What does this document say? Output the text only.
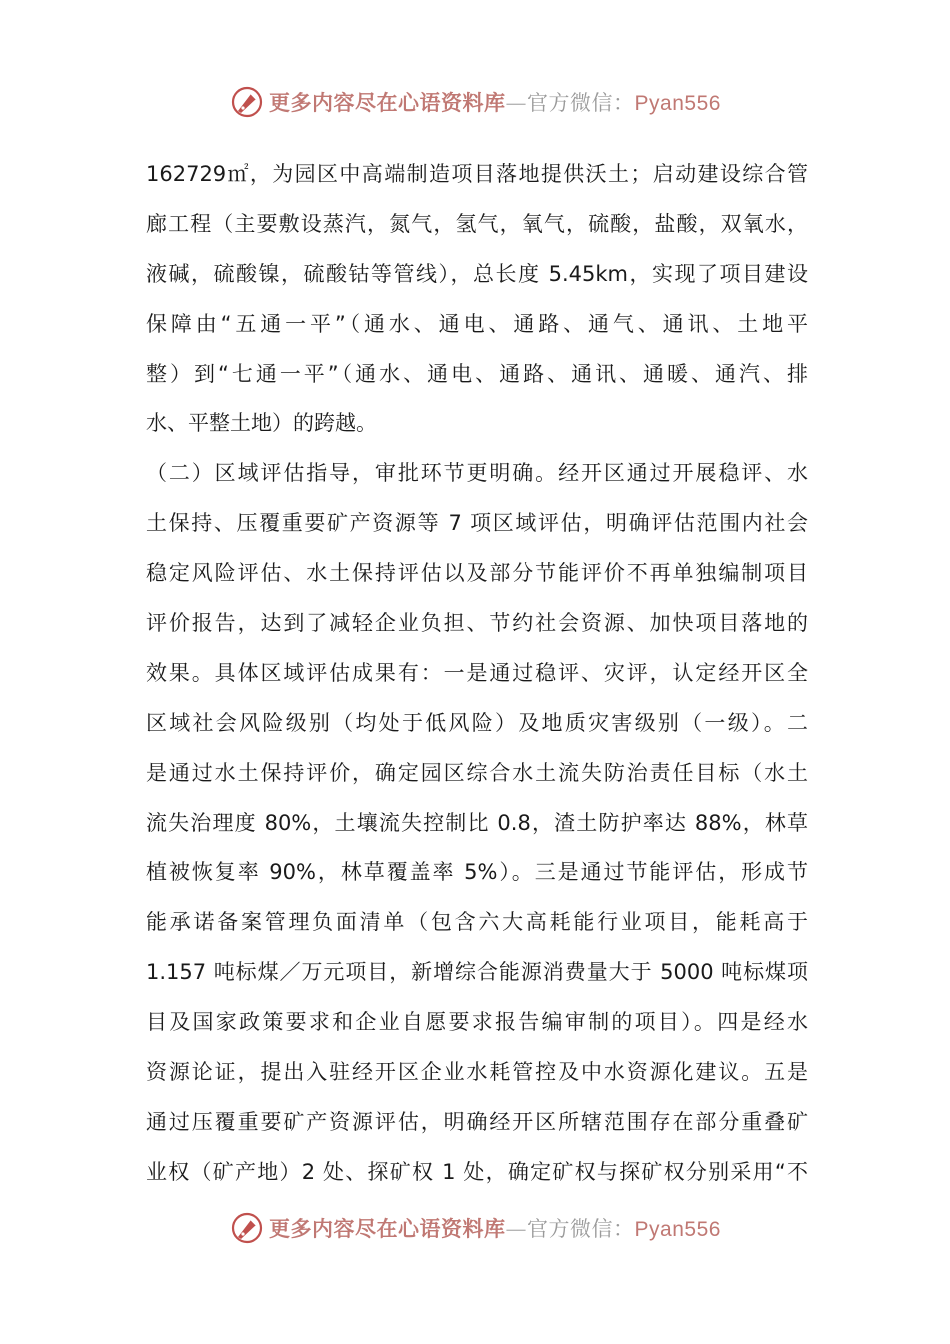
更多内容尽在心语资料库—官方微信：Pyan556
162729㎡，为园区中高端制造项目落地提供沃土；启动建设综合管
廊工程（主要敷设蒸汽，氮气，氢气，氧气，硫酸，盐酸，双氧水，
液碱，硫酸镍，硫酸钴等管线），总长度 5.45km，实现了项目建设
保障由“五通一平”（通水、通电、通路、通气、通讯、土地平
整）到“七通一平”（通水、通电、通路、通讯、通暖、通汽、排
水、平整土地）的跨越。
（二）区域评估指导，审批环节更明确。经开区通过开展稳评、水
土保持、压覆重要矿产资源等 7 项区域评估，明确评估范围内社会
稳定风险评估、水土保持评估以及部分节能评价不再单独编制项目
评价报告，达到了减轻企业负担、节约社会资源、加快项目落地的
效果。具体区域评估成果有：一是通过稳评、灾评，认定经开区全
区域社会风险级别（均处于低风险）及地质灾害级别（一级）。二
是通过水土保持评价，确定园区综合水土流失防治责任目标（水土
流失治理度 80%，土壤流失控制比 0.8，渣土防护率达 88%，林草
植被恢复率 90%，林草覆盖率 5%）。三是通过节能评估，形成节
能承诺备案管理负面清单（包含六大高耗能行业项目，能耗高于
1.157 吨标煤／万元项目，新增综合能源消费量大于 5000 吨标煤项
目及国家政策要求和企业自愿要求报告编审制的项目）。四是经水
资源论证，提出入驻经开区企业水耗管控及中水资源化建议。五是
通过压覆重要矿产资源评估，明确经开区所辖范围存在部分重叠矿
业权（矿产地）2 处、探矿权 1 处，确定矿权与探矿权分别采用“不
更多内容尽在心语资料库—官方微信：Pyan556
